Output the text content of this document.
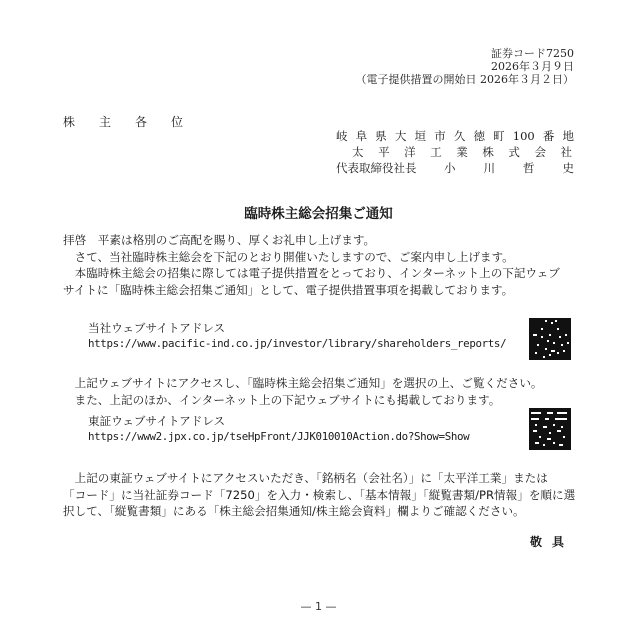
証券コード7250
2026年３月９日
（電子提供措置の開始日 2026年３月２日）
株主各位
岐 阜 県 大 垣 市 久 徳 町 100 番 地
太 平 洋 工 業 株 式 会 社
代表取締役社長	小 川 哲 史
臨時株主総会招集ご通知

拝啓　平素は格別のご高配を賜り、厚くお礼申し上げます。

　さて、当社臨時株主総会を下記のとおり開催いたしますので、ご案内申し上げます。

　本臨時株主総会の招集に際しては電子提供措置をとっており、インターネット上の下記ウェブ

サイトに「臨時株主総会招集ご通知」として、電子提供措置事項を掲載しております。

当社ウェブサイトアドレス
https://www.pacific-ind.co.jp/investor/library/shareholders_reports/

　上記ウェブサイトにアクセスし、「臨時株主総会招集ご通知」を選択の上、ご覧ください。

　また、上記のほか、インターネット上の下記ウェブサイトにも掲載しております。

東証ウェブサイトアドレス
https://www2.jpx.co.jp/tseHpFront/JJK010010Action.do?Show=Show

　上記の東証ウェブサイトにアクセスいただき、「銘柄名（会社名）」に「太平洋工業」または

「コード」に当社証券コード「7250」を入力・検索し、「基本情報」「縦覧書類/PR情報」を順に選

択して、「縦覧書類」にある「株主総会招集通知/株主総会資料」欄よりご確認ください。

敬具
— 1 —
